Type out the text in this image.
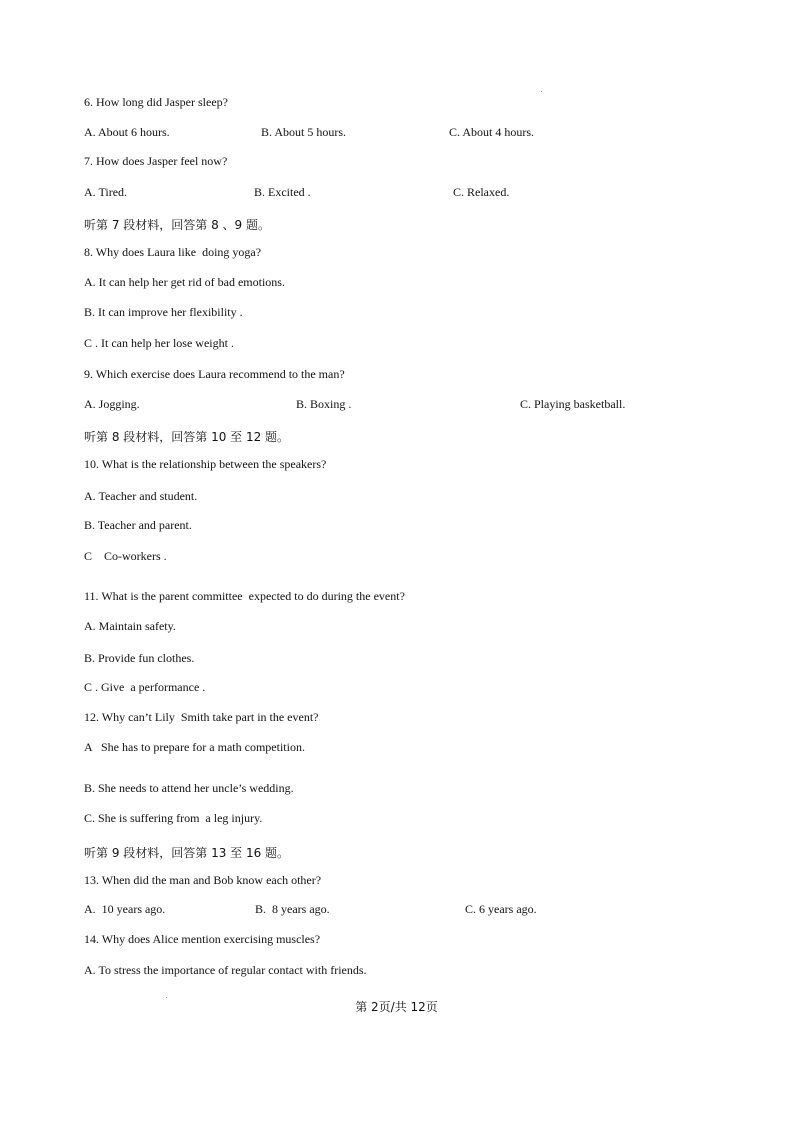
6. How long did Jasper sleep?
A. About 6 hours.	B. About 5 hours.	C. About 4 hours.
7. How does Jasper feel now?
A. Tired.	B. Excited .	C. Relaxed.
听第 7 段材料，回答第 8 、9 题。
8. Why does Laura like  doing yoga?
A. It can help her get rid of bad emotions.
B. It can improve her flexibility .
C . It can help her lose weight .
9. Which exercise does Laura recommend to the man?
A. Jogging.	B. Boxing .	C. Playing basketball.
听第 8 段材料，回答第 10 至 12 题。
10. What is the relationship between the speakers?
A. Teacher and student.
B. Teacher and parent.
C    Co-workers .
11. What is the parent committee  expected to do during the event?
A. Maintain safety.
B. Provide fun clothes.
C . Give  a performance .
12. Why can’t Lily  Smith take part in the event?
A   She has to prepare for a math competition.
B. She needs to attend her uncle’s wedding.
C. She is suffering from  a leg injury.
听第 9 段材料，回答第 13 至 16 题。
13. When did the man and Bob know each other?
A.  10 years ago.	B.  8 years ago.	C. 6 years ago.
14. Why does Alice mention exercising muscles?
A. To stress the importance of regular contact with friends.
第 2页/共 12页
